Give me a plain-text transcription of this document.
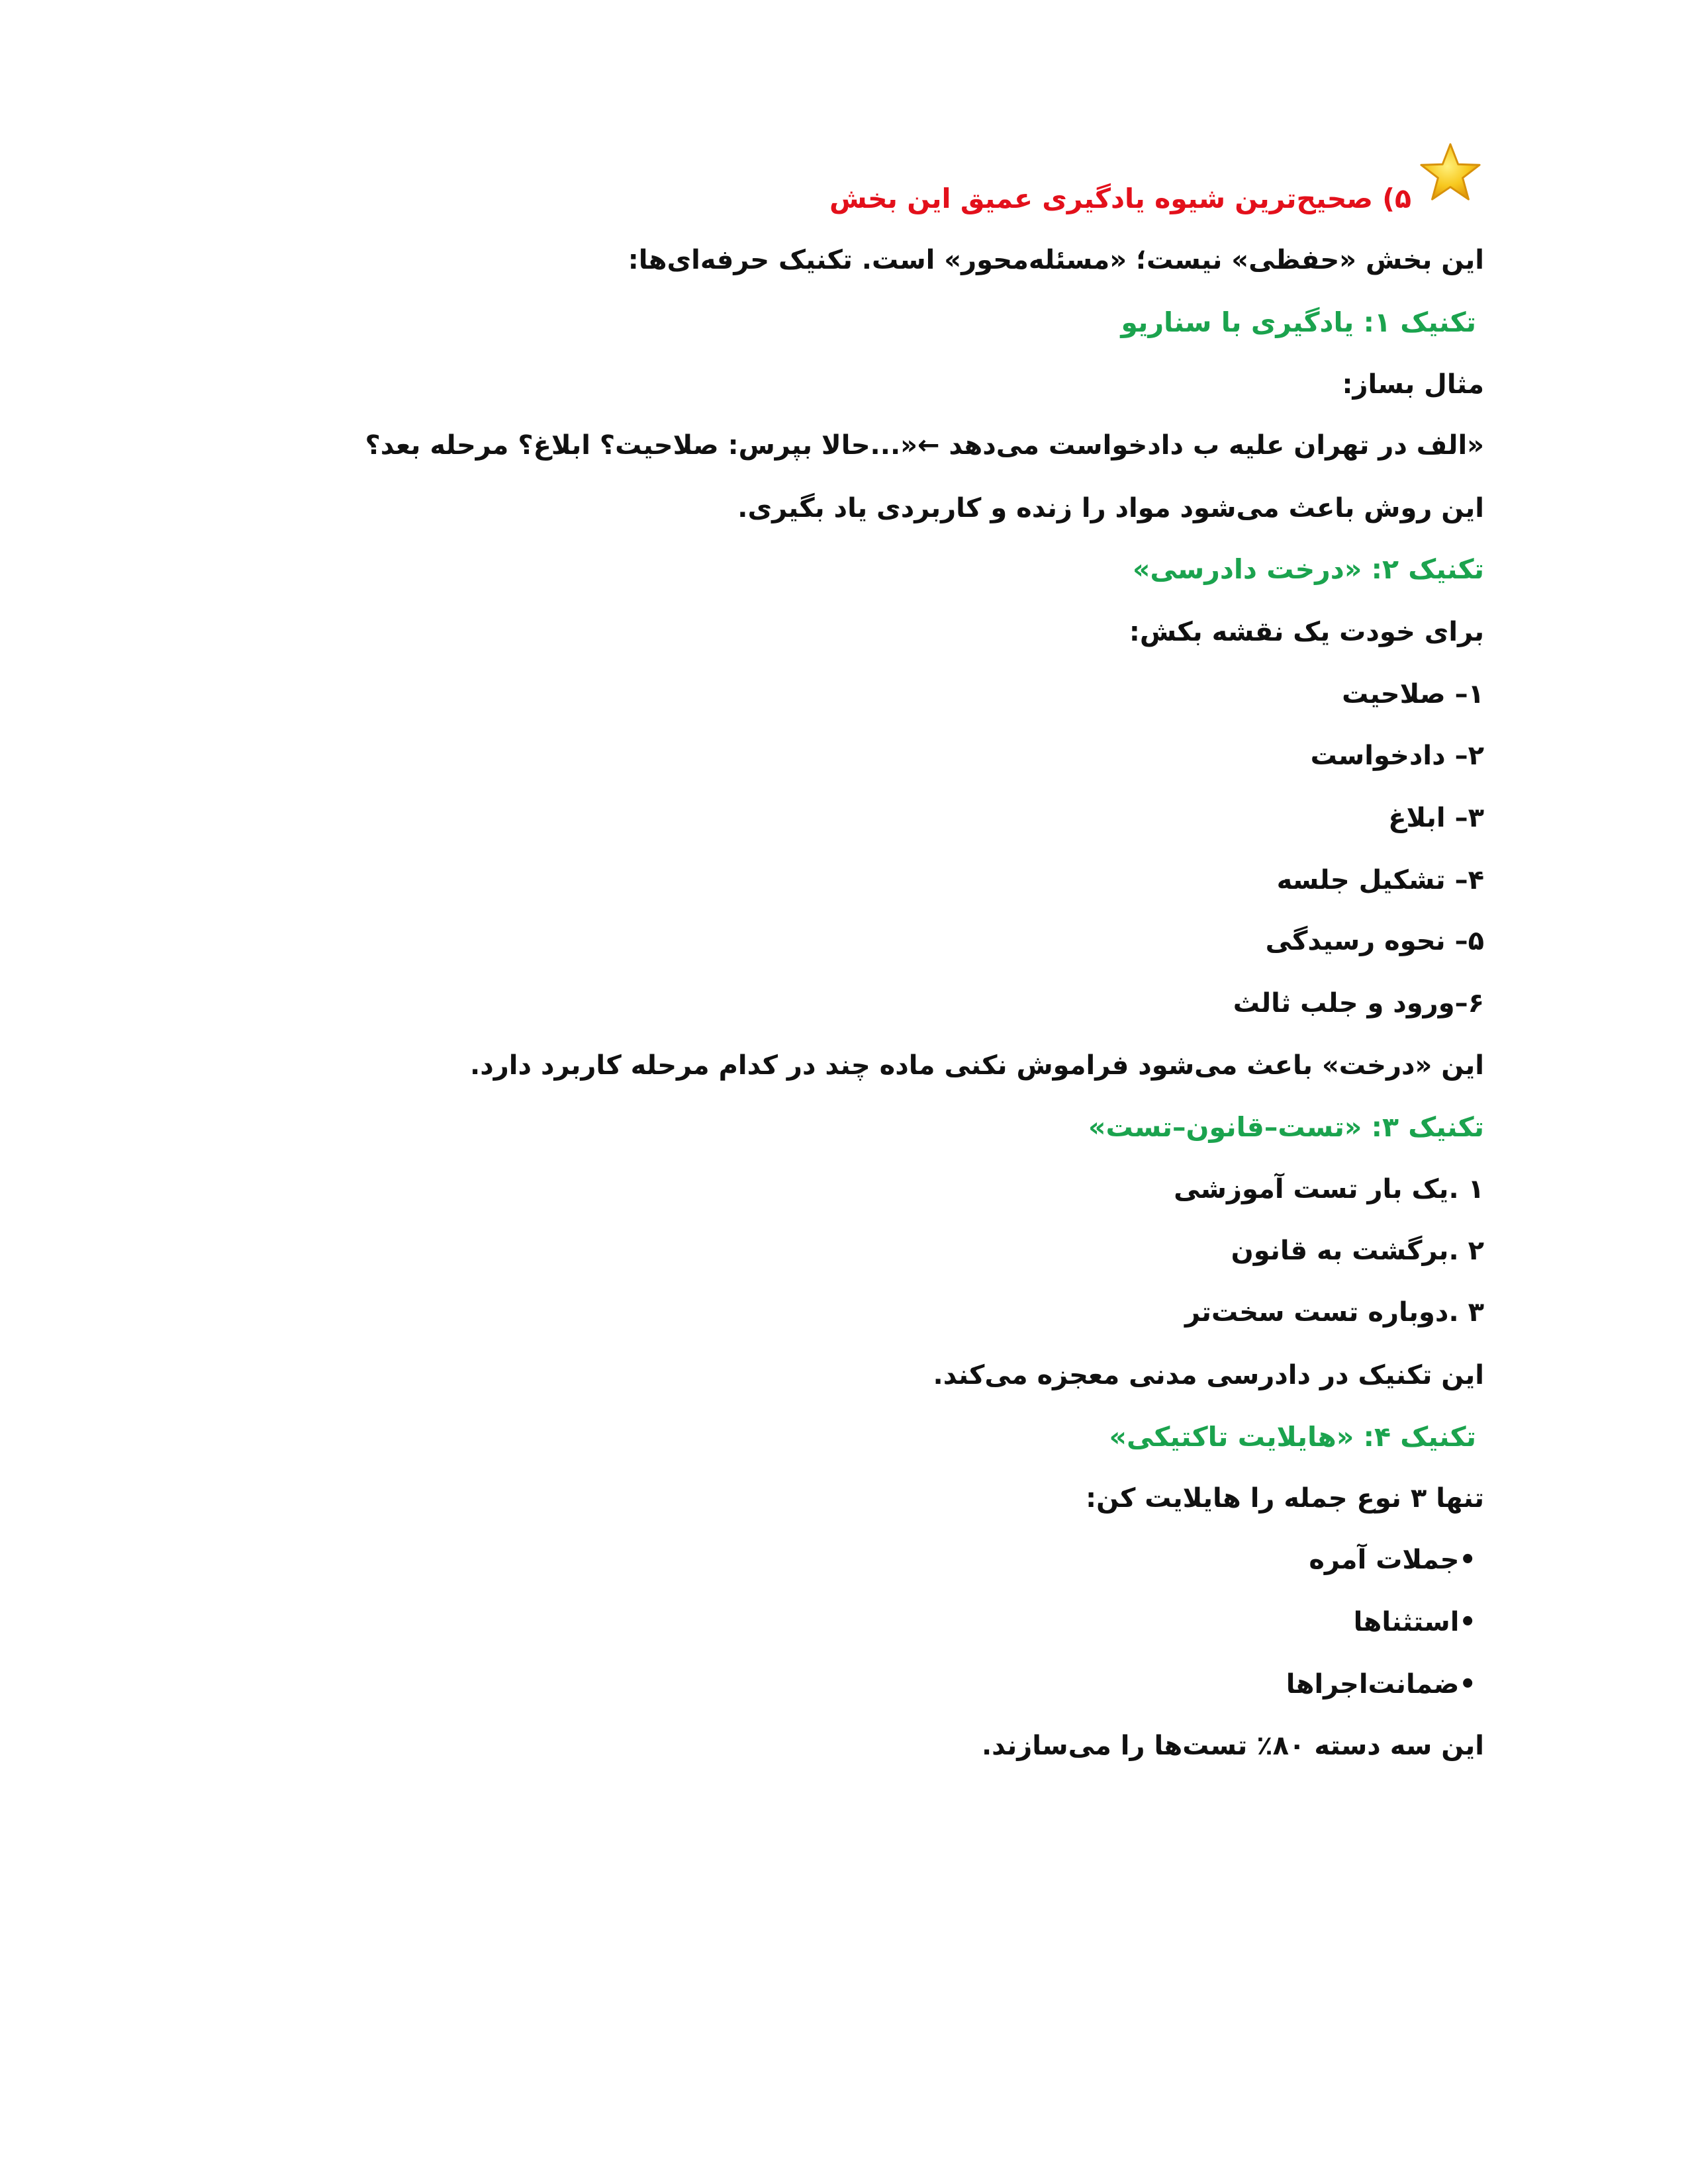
۵) صحیح‌ترین شیوه یادگیری عمیق این بخش
این بخش «حفظی» نیست؛ «مسئله‌محور» است. تکنیک حرفه‌ای‌ها:
تکنیک ۱: یادگیری با سناریو
مثال بساز:
«الف در تهران علیه ب دادخواست می‌دهد ←«...حالا بپرس: صلاحیت؟ ابلاغ؟ مرحله بعد؟
این روش باعث می‌شود مواد را زنده و کاربردی یاد بگیری.
تکنیک ۲: «درخت دادرسی»
برای خودت یک نقشه بکش:
۱– صلاحیت
۲– دادخواست
۳– ابلاغ
۴– تشکیل جلسه
۵– نحوه رسیدگی
۶–ورود و جلب ثالث
این «درخت» باعث می‌شود فراموش نکنی ماده چند در کدام مرحله کاربرد دارد.
تکنیک ۳: «تست–قانون–تست»
۱ .یک بار تست آموزشی
۲ .برگشت به قانون
۳ .دوباره تست سخت‌تر
این تکنیک در دادرسی مدنی معجزه می‌کند.
تکنیک ۴: «هایلایت تاکتیکی»
تنها ۳ نوع جمله را هایلایت کن:
•جملات آمره
•استثناها
•ضمانت‌اجراها
این سه دسته ۸۰٪ تست‌ها را می‌سازند.
